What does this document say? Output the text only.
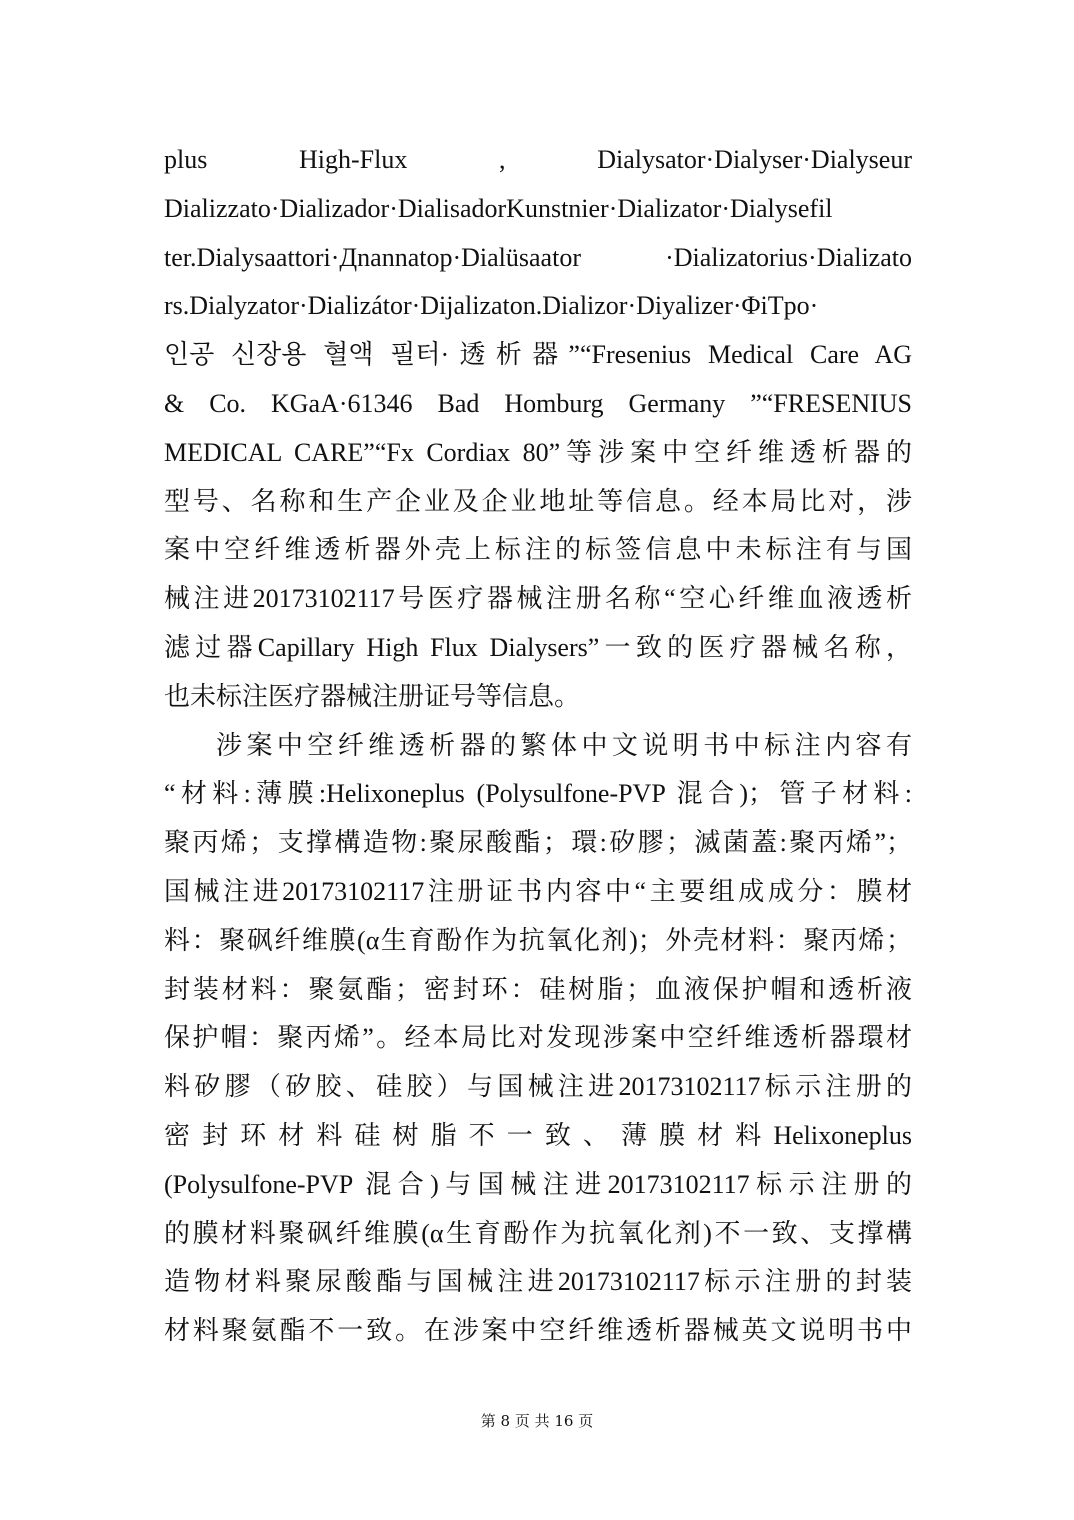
plus High-Flux , Dialysator·Dialyser·Dialyseur
Dializzato·Dializador·DialisadorKunstnier·Dializator·Dialysefil
ter.Dialysaattori·Дnannatop·Dialüsaator ·Dializatorius·Dializato
rs.Dialyzator·Dializátor·Dijalizaton.Dializor·Diyalizer·ΦiTpo·
인공 신장용 혈액 필터·透析器”“Fresenius Medical Care AG
& Co. KGaA·61346 Bad Homburg Germany ”“FRESENIUS
MEDICAL CARE”“Fx Cordiax 80”等涉案中空纤维透析器的
型号、名称和生产企业及企业地址等信息。经本局比对，涉
案中空纤维透析器外壳上标注的标签信息中未标注有与国
械注进20173102117号医疗器械注册名称“空心纤维血液透析
滤过器Capillary High Flux Dialysers”一致的医疗器械名称，
也未标注医疗器械注册证号等信息。
涉案中空纤维透析器的繁体中文说明书中标注内容有
“材料:薄膜:Helixoneplus (Polysulfone-PVP 混合)；管子材料:
聚丙烯；支撑構造物:聚尿酸酯；環:矽膠；滅菌蓋:聚丙烯”；
国械注进20173102117注册证书内容中“主要组成成分：膜材
料：聚砜纤维膜(α生育酚作为抗氧化剂)；外壳材料：聚丙烯；
封装材料：聚氨酯；密封环：硅树脂；血液保护帽和透析液
保护帽：聚丙烯”。经本局比对发现涉案中空纤维透析器環材
料矽膠（矽胶、硅胶）与国械注进20173102117标示注册的
密封环材料硅树脂不一致、薄膜材料Helixoneplus
(Polysulfone-PVP 混合)与国械注进20173102117标示注册的
的膜材料聚砜纤维膜(α生育酚作为抗氧化剂)不一致、支撑構
造物材料聚尿酸酯与国械注进20173102117标示注册的封装
材料聚氨酯不一致。在涉案中空纤维透析器械英文说明书中
第 8 页 共 16 页
